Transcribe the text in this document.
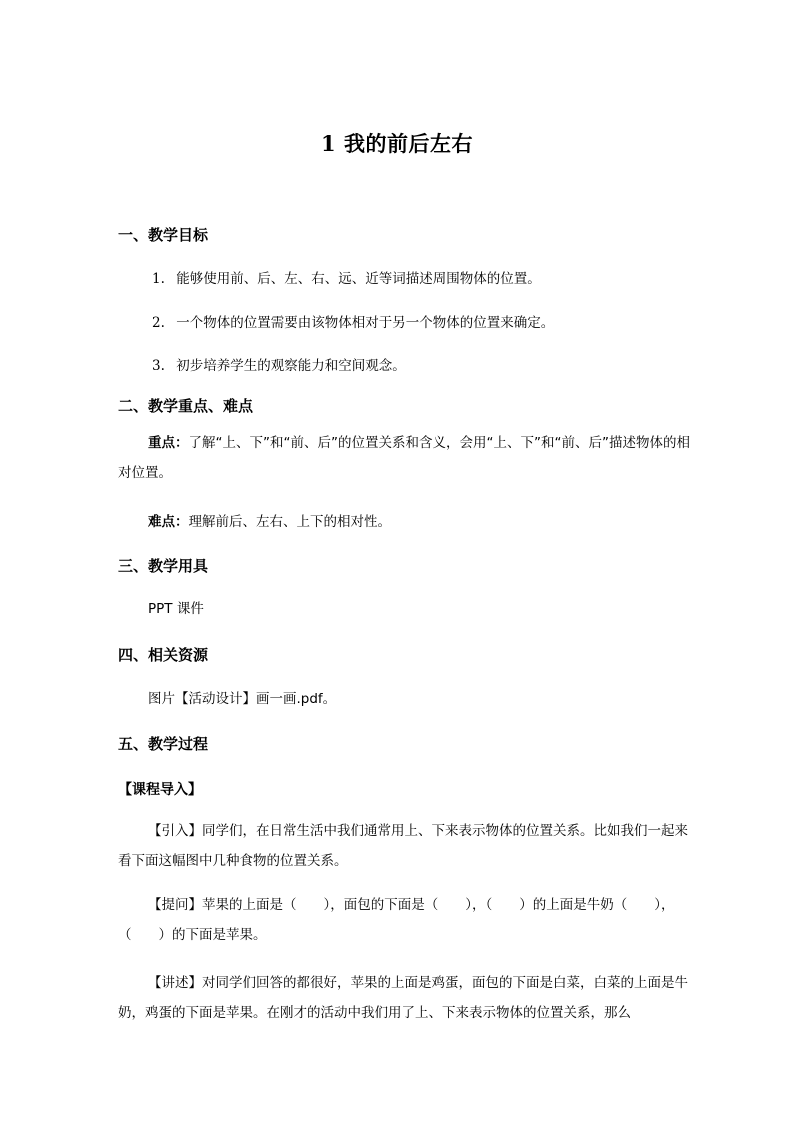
1 我的前后左右
一、教学目标
1. 能够使用前、后、左、右、远、近等词描述周围物体的位置。
2. 一个物体的位置需要由该物体相对于另一个物体的位置来确定。
3. 初步培养学生的观察能力和空间观念。
二、教学重点、难点
重点：了解“上、下”和“前、后”的位置关系和含义，会用“上、下”和“前、后”描述物体的相对位置。
难点：理解前后、左右、上下的相对性。
三、教学用具
PPT 课件
四、相关资源
图片【活动设计】画一画.pdf。
五、教学过程
【课程导入】
【引入】同学们，在日常生活中我们通常用上、下来表示物体的位置关系。比如我们一起来看下面这幅图中几种食物的位置关系。
【提问】苹果的上面是（　　），面包的下面是（　　），（　　）的上面是牛奶（　　），（　　）的下面是苹果。
【讲述】对同学们回答的都很好，苹果的上面是鸡蛋，面包的下面是白菜，白菜的上面是牛奶，鸡蛋的下面是苹果。在刚才的活动中我们用了上、下来表示物体的位置关系，那么
